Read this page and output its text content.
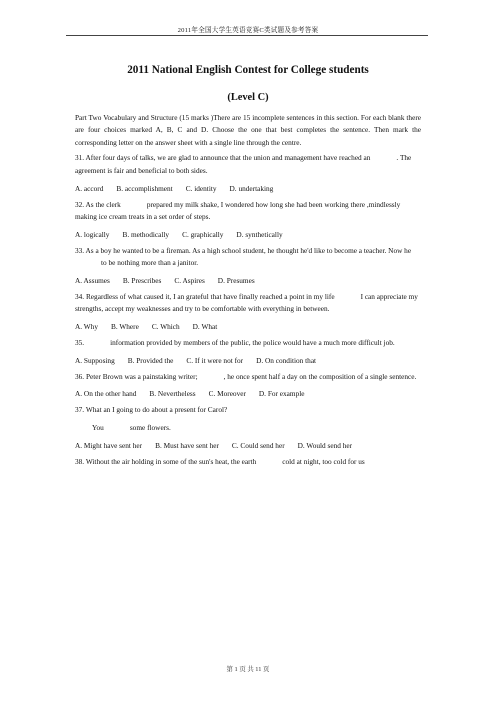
2011年全国大学生英语竞赛C类试题及参考答案
2011 National English Contest for College students
(Level C)
Part Two Vocabulary and Structure (15 marks )There are 15 incomplete sentences in this section. For each blank there are four choices marked A, B, C and D. Choose the one that best completes the sentence. Then mark the corresponding letter on the answer sheet with a single line through the centre.
31. After four days of talks, we are glad to announce that the union and management have reached an	. The agreement is fair and beneficial to both sides.
A. accord B. accomplishment C. identity D. undertaking
32. As the clerk	prepared my milk shake, I wondered how long she had been working there ,mindlessly making ice cream treats in a set order of steps.
A. logically B. methodically C. graphically D. synthetically
33. As a boy he wanted to be a fireman. As a high school student, he thought he'd like to become a teacher. Now heto be nothing more than a janitor.
A. Assumes B. Prescribes C. Aspires D. Presumes
34. Regardless of what caused it, I an grateful that have finally reached a point in my life	I can appreciate my strengths, accept my weaknesses and try to be comfortable with everything in between.
A. Why B. Where C. Which D. What
35.	information provided by members of the public, the police would have a much more difficult job.
A. Supposing B. Provided the C. If it were not for D. On condition that
36. Peter Brown was a painstaking writer;	, he once spent half a day on the composition of a single sentence.
A. On the other hand B. Nevertheless C. Moreover D. For example
37. What an I going to do about a present for Carol?
You	some flowers.
A. Might have sent her B. Must have sent her C. Could send her D. Would send her
38. Without the air holding in some of the sun's heat, the earth	cold at night, too cold for us
第 1 页 共 11 页
